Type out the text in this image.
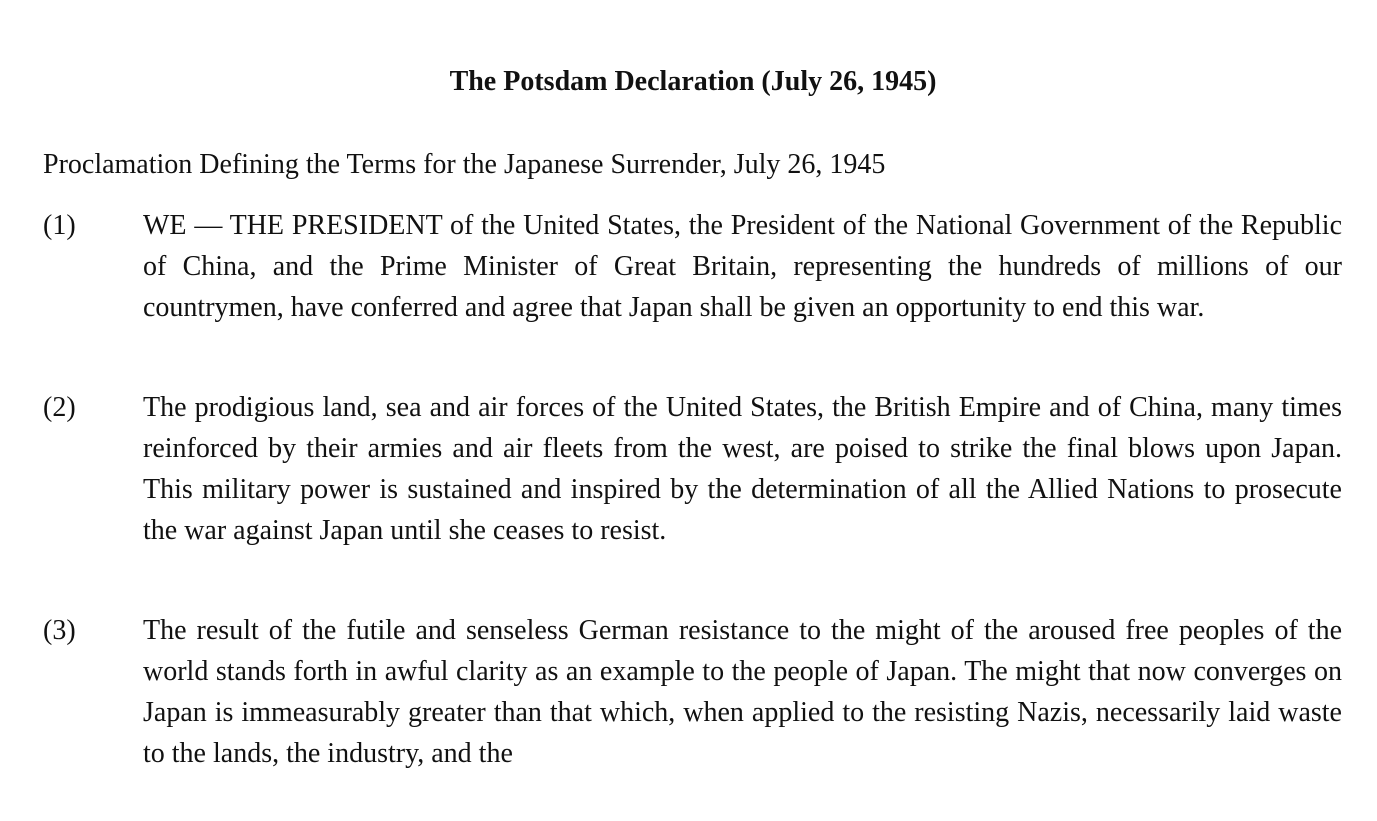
The Potsdam Declaration (July 26, 1945)
Proclamation Defining the Terms for the Japanese Surrender, July 26, 1945
(1) WE — THE PRESIDENT of the United States, the President of the National Government of the Republic of China, and the Prime Minister of Great Britain, representing the hundreds of millions of our countrymen, have conferred and agree that Japan shall be given an opportunity to end this war.
(2) The prodigious land, sea and air forces of the United States, the British Empire and of China, many times reinforced by their armies and air fleets from the west, are poised to strike the final blows upon Japan. This military power is sustained and inspired by the determination of all the Allied Nations to prosecute the war against Japan until she ceases to resist.
(3) The result of the futile and senseless German resistance to the might of the aroused free peoples of the world stands forth in awful clarity as an example to the people of Japan. The might that now converges on Japan is immeasurably greater than that which, when applied to the resisting Nazis, necessarily laid waste to the lands, the industry, and the
